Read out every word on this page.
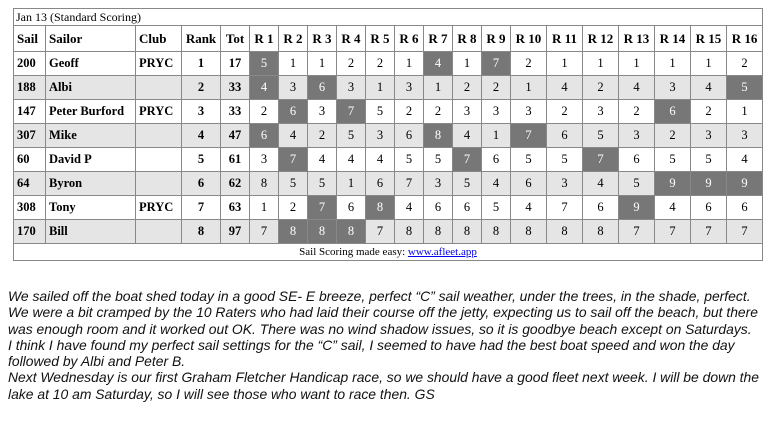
Jan 13 (Standard Scoring)																				
Sail	Sailor	Club	Rank	Tot	R 1	R 2	R 3	R 4	R 5	R 6	R 7	R 8	R 9	R 10	R 11	R 12	R 13	R 14	R 15	R 16
200	Geoff	PRYC	1	17	5	1	1	2	2	1	4	1	7	2	1	1	1	1	1	2
188	Albi		2	33	4	3	6	3	1	3	1	2	2	1	4	2	4	3	4	5
147	Peter Burford	PRYC	3	33	2	6	3	7	5	2	2	3	3	3	2	3	2	6	2	1
307	Mike		4	47	6	4	2	5	3	6	8	4	1	7	6	5	3	2	3	3
60	David P		5	61	3	7	4	4	4	5	5	7	6	5	5	7	6	5	5	4
64	Byron		6	62	8	5	5	1	6	7	3	5	4	6	3	4	5	9	9	9
308	Tony	PRYC	7	63	1	2	7	6	8	4	6	6	5	4	7	6	9	4	6	6
170	Bill		8	97	7	8	8	8	7	8	8	8	8	8	8	8	7	7	7	7
Sail Scoring made easy: www.afleet.app																				

We sailed off the boat shed today in a good SE- E breeze, perfect “C” sail weather, under the trees, in the shade, perfect. We were a bit cramped by the 10 Raters who had laid their course off the jetty, expecting us to sail off the beach, but there was enough room and it worked out OK. There was no wind shadow issues, so it is goodbye beach except on Saturdays.

I think I have found my perfect sail settings for the “C” sail, I seemed to have had the best boat speed and won the day followed by Albi and Peter B.

Next Wednesday is our first Graham Fletcher Handicap race, so we should have a good fleet next week. I will be down the lake at 10 am Saturday, so I will see those who want to race then. GS
